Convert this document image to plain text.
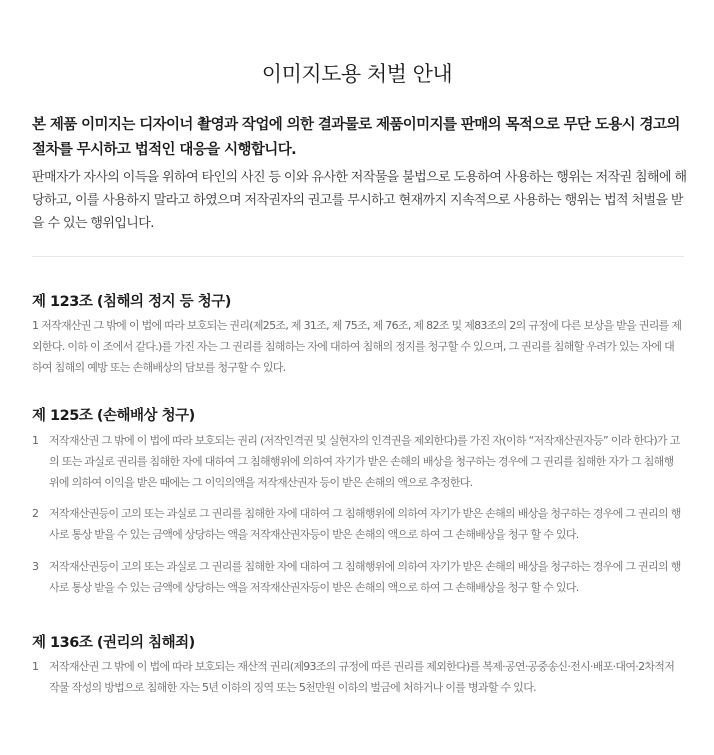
이미지도용 처벌 안내
본 제품 이미지는 디자이너 촬영과 작업에 의한 결과물로 제품이미지를 판매의 목적으로 무단 도용시 경고의 절차를 무시하고 법적인 대응을 시행합니다.
판매자가 자사의 이득을 위하여 타인의 사진 등 이와 유사한 저작물을 불법으로 도용하여 사용하는 행위는 저작권 침해에 해당하고, 이를 사용하지 말라고 하였으며 저작권자의 권고를 무시하고 현재까지 지속적으로 사용하는 행위는 법적 처벌을 받을 수 있는 행위입니다.
제 123조 (침해의 정지 등 청구)
1 저작재산권 그 밖에 이 법에 따라 보호되는 권리(제25조, 제 31조, 제 75조, 제 76조, 제 82조 및 제83조의 2의 규정에 다른 보상을 받을 권리를 제외한다. 이하 이 조에서 같다.)를 가진 자는 그 권리를 침해하는 자에 대하여 침해의 정지를 청구할 수 있으며, 그 권리를 침해할 우려가 있는 자에 대하여 침해의 예방 또는 손해배상의 담보를 청구할 수 있다.
제 125조 (손해배상 청구)
1 저작재산권 그 밖에 이 법에 따라 보호되는 권리 (저작인격권 및 실현자의 인격권을 제외한다)를 가진 자(이하 “저작재산권자등” 이라 한다)가 고의 또는 과실로 권리를 침해한 자에 대하여 그 침해행위에 의하여 자기가 받은 손해의 배상을 청구하는 경우에 그 권리를 침해한 자가 그 침해행위에 의하여 이익을 받은 때에는 그 이익의액을 저작재산권자 등이 받은 손해의 액으로 추정한다.
2 저작재산권등이 고의 또는 과실로 그 권리를 침해한 자에 대하여 그 침해행위에 의하여 자기가 받은 손해의 배상을 청구하는 경우에 그 권리의 행사로 통상 받을 수 있는 금액에 상당하는 액을 저작재산권자등이 받은 손해의 액으로 하여 그 손해배상을 청구 할 수 있다.
3 저작재산권등이 고의 또는 과실로 그 권리를 침해한 자에 대하여 그 침해행위에 의하여 자기가 받은 손해의 배상을 청구하는 경우에 그 권리의 행사로 통상 받을 수 있는 금액에 상당하는 액을 저작재산권자등이 받은 손해의 액으로 하여 그 손해배상을 청구 할 수 있다.
제 136조 (권리의 침해죄)
1 저작재산권 그 밖에 이 법에 따라 보호되는 재산적 권리(제93조의 규정에 따른 권리를 제외한다)를 복제·공연·공중송신·전시·배포·대여·2차적저작물 작성의 방법으로 침해한 자는 5년 이하의 징역 또는 5천만원 이하의 벌금에 처하거나 이를 병과할 수 있다.
